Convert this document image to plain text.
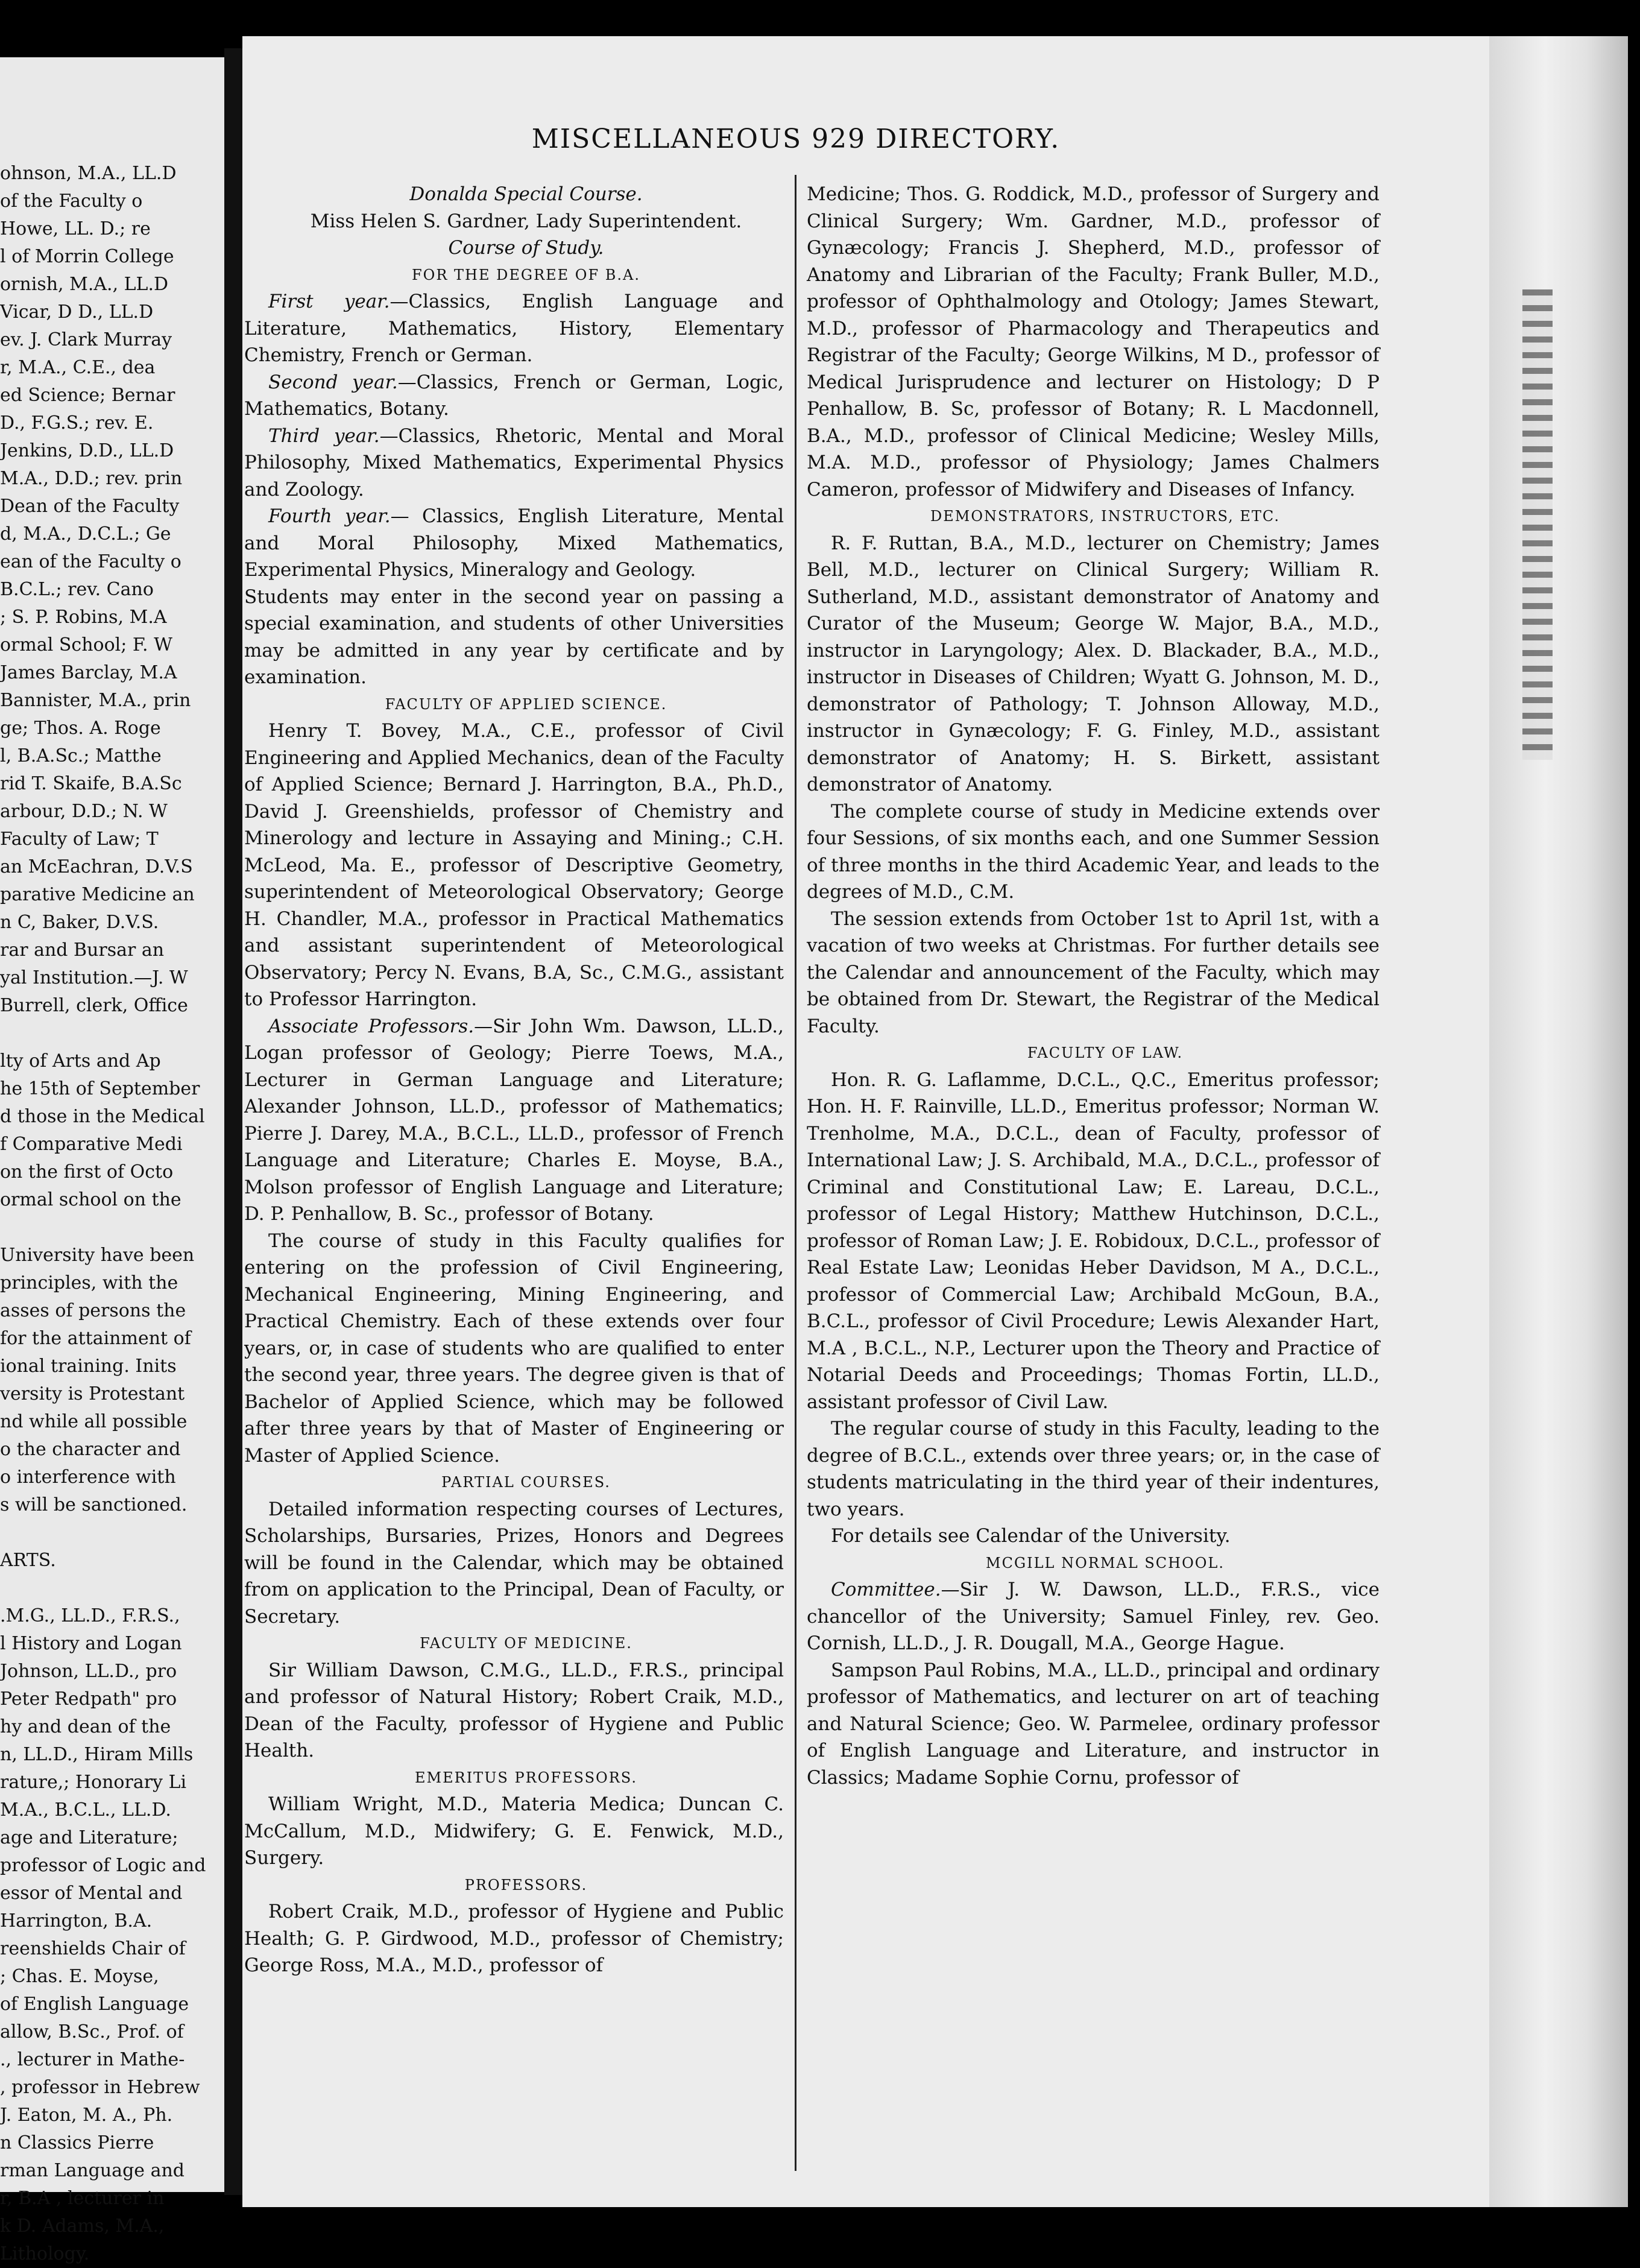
ohnson, M.A., LL.D
of the Faculty o
Howe, LL. D.; re
l of Morrin College
ornish, M.A., LL.D
Vicar, D D., LL.D
ev. J. Clark Murray
r, M.A., C.E., dea
ed Science; Bernar
D., F.G.S.; rev. E.
Jenkins, D.D., LL.D
M.A., D.D.; rev. prin
Dean of the Faculty
d, M.A., D.C.L.; Ge
ean of the Faculty o
B.C.L.; rev. Cano
; S. P. Robins, M.A
ormal School; F. W
James Barclay, M.A
Bannister, M.A., prin
ge; Thos. A. Roge
l, B.A.Sc.; Matthe
rid T. Skaife, B.A.Sc
arbour, D.D.; N. W
Faculty of Law; T
an McEachran, D.V.S
parative Medicine an
n C, Baker, D.V.S.
rar and Bursar an
yal Institution.—J. W
Burrell, clerk, Office

lty of Arts and Ap
he 15th of September
d those in the Medical
f Comparative Medi
on the first of Octo
ormal school on the

University have been
principles, with the
asses of persons the
for the attainment of
ional training. Inits
versity is Protestant
nd while all possible
o the character and
o interference with
s will be sanctioned.

ARTS.

.M.G., LL.D., F.R.S.,
l History and Logan
Johnson, LL.D., pro
Peter Redpath" pro
hy and dean of the
n, LL.D., Hiram Mills
rature,; Honorary Li
M.A., B.C.L., LL.D.
age and Literature;
professor of Logic and
essor of Mental and
Harrington, B.A.
reenshields Chair of
; Chas. E. Moyse,
of English Language
allow, B.Sc., Prof. of
., lecturer in Mathe-
, professor in Hebrew
J. Eaton, M. A., Ph.
n Classics Pierre
rman Language and
r, B.A , lecturer in
k D. Adams, M.A.,
Lithology.
MISCELLANEOUS 929 DIRECTORY.

Donalda Special Course.

Miss Helen S. Gardner, Lady Superintendent.

Course of Study.

FOR THE DEGREE OF B.A.

First year.—Classics, English Language and Literature, Mathematics, History, Elementary Chemistry, French or German.

Second year.—Classics, French or German, Logic, Mathematics, Botany.

Third year.—Classics, Rhetoric, Mental and Moral Philosophy, Mixed Mathematics, Experimental Physics and Zoology.

Fourth year.— Classics, English Literature, Mental and Moral Philosophy, Mixed Mathematics, Experimental Physics, Mineralogy and Geology.

Students may enter in the second year on passing a special examination, and students of other Universities may be admitted in any year by certificate and by examination.

FACULTY OF APPLIED SCIENCE.

Henry T. Bovey, M.A., C.E., professor of Civil Engineering and Applied Mechanics, dean of the Faculty of Applied Science; Bernard J. Harrington, B.A., Ph.D., David J. Greenshields, professor of Chemistry and Minerology and lecture in Assaying and Mining.; C.H. McLeod, Ma. E., professor of Descriptive Geometry, superintendent of Meteorological Observatory; George H. Chandler, M.A., professor in Practical Mathematics and assistant superintendent of Meteorological Observatory; Percy N. Evans, B.A, Sc., C.M.G., assistant to Professor Harrington.

Associate Professors.—Sir John Wm. Dawson, LL.D., Logan professor of Geology; Pierre Toews, M.A., Lecturer in German Language and Literature; Alexander Johnson, LL.D., professor of Mathematics; Pierre J. Darey, M.A., B.C.L., LL.D., professor of French Language and Literature; Charles E. Moyse, B.A., Molson professor of English Language and Literature; D. P. Penhallow, B. Sc., professor of Botany.

The course of study in this Faculty qualifies for entering on the profession of Civil Engineering, Mechanical Engineering, Mining Engineering, and Practical Chemistry. Each of these extends over four years, or, in case of students who are qualified to enter the second year, three years. The degree given is that of Bachelor of Applied Science, which may be followed after three years by that of Master of Engineering or Master of Applied Science.

PARTIAL COURSES.

Detailed information respecting courses of Lectures, Scholarships, Bursaries, Prizes, Honors and Degrees will be found in the Calendar, which may be obtained from on application to the Principal, Dean of Faculty, or Secretary.

FACULTY OF MEDICINE.

Sir William Dawson, C.M.G., LL.D., F.R.S., principal and professor of Natural History; Robert Craik, M.D., Dean of the Faculty, professor of Hygiene and Public Health.

EMERITUS PROFESSORS.

William Wright, M.D., Materia Medica; Duncan C. McCallum, M.D., Midwifery; G. E. Fenwick, M.D., Surgery.

PROFESSORS.

Robert Craik, M.D., professor of Hygiene and Public Health; G. P. Girdwood, M.D., professor of Chemistry; George Ross, M.A., M.D., professor of

Medicine; Thos. G. Roddick, M.D., professor of Surgery and Clinical Surgery; Wm. Gardner, M.D., professor of Gynæcology; Francis J. Shepherd, M.D., professor of Anatomy and Librarian of the Faculty; Frank Buller, M.D., professor of Ophthalmology and Otology; James Stewart, M.D., professor of Pharmacology and Therapeutics and Registrar of the Faculty; George Wilkins, M D., professor of Medical Jurisprudence and lecturer on Histology; D P Penhallow, B. Sc, professor of Botany; R. L Macdonnell, B.A., M.D., professor of Clinical Medicine; Wesley Mills, M.A. M.D., professor of Physiology; James Chalmers Cameron, professor of Midwifery and Diseases of Infancy.

DEMONSTRATORS, INSTRUCTORS, ETC.

R. F. Ruttan, B.A., M.D., lecturer on Chemistry; James Bell, M.D., lecturer on Clinical Surgery; William R. Sutherland, M.D., assistant demonstrator of Anatomy and Curator of the Museum; George W. Major, B.A., M.D., instructor in Laryngology; Alex. D. Blackader, B.A., M.D., instructor in Diseases of Children; Wyatt G. Johnson, M. D., demonstrator of Pathology; T. Johnson Alloway, M.D., instructor in Gynæcology; F. G. Finley, M.D., assistant demonstrator of Anatomy; H. S. Birkett, assistant demonstrator of Anatomy.

The complete course of study in Medicine extends over four Sessions, of six months each, and one Summer Session of three months in the third Academic Year, and leads to the degrees of M.D., C.M.

The session extends from October 1st to April 1st, with a vacation of two weeks at Christmas. For further details see the Calendar and announcement of the Faculty, which may be obtained from Dr. Stewart, the Registrar of the Medical Faculty.

FACULTY OF LAW.

Hon. R. G. Laflamme, D.C.L., Q.C., Emeritus professor; Hon. H. F. Rainville, LL.D., Emeritus professor; Norman W. Trenholme, M.A., D.C.L., dean of Faculty, professor of International Law; J. S. Archibald, M.A., D.C.L., professor of Criminal and Constitutional Law; E. Lareau, D.C.L., professor of Legal History; Matthew Hutchinson, D.C.L., professor of Roman Law; J. E. Robidoux, D.C.L., professor of Real Estate Law; Leonidas Heber Davidson, M A., D.C.L., professor of Commercial Law; Archibald McGoun, B.A., B.C.L., professor of Civil Procedure; Lewis Alexander Hart, M.A , B.C.L., N.P., Lecturer upon the Theory and Practice of Notarial Deeds and Proceedings; Thomas Fortin, LL.D., assistant professor of Civil Law.

The regular course of study in this Faculty, leading to the degree of B.C.L., extends over three years; or, in the case of students matriculating in the third year of their indentures, two years.

For details see Calendar of the University.

MCGILL NORMAL SCHOOL.

Committee.—Sir J. W. Dawson, LL.D., F.R.S., vice chancellor of the University; Samuel Finley, rev. Geo. Cornish, LL.D., J. R. Dougall, M.A., George Hague.

Sampson Paul Robins, M.A., LL.D., principal and ordinary professor of Mathematics, and lecturer on art of teaching and Natural Science; Geo. W. Parmelee, ordinary professor of English Language and Literature, and instructor in Classics; Madame Sophie Cornu, professor of
